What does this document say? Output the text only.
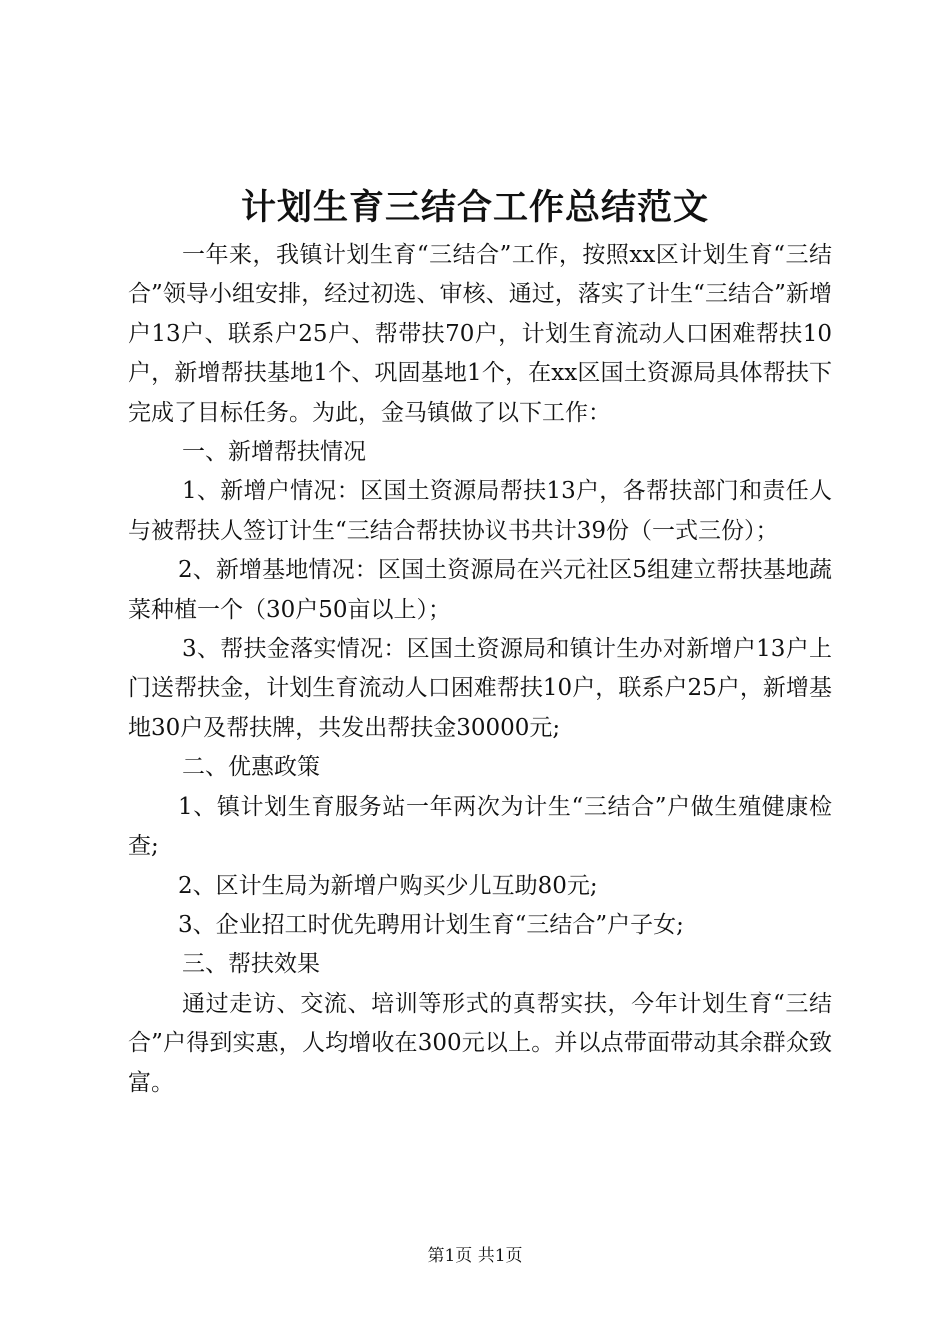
计划生育三结合工作总结范文

一年来，我镇计划生育“三结合”工作，按照xx区计划生育“三结合”领导小组安排，经过初选、审核、通过，落实了计生“三结合”新增户13户、联系户25户、帮带扶70户，计划生育流动人口困难帮扶10户，新增帮扶基地1个、巩固基地1个，在xx区国土资源局具体帮扶下完成了目标任务。为此，金马镇做了以下工作：

一、新增帮扶情况

1、新增户情况：区国土资源局帮扶13户，各帮扶部门和责任人与被帮扶人签订计生“三结合帮扶协议书共计39份（一式三份）；

2、新增基地情况：区国土资源局在兴元社区5组建立帮扶基地蔬菜种植一个（30户50亩以上）；

3、帮扶金落实情况：区国土资源局和镇计生办对新增户13户上门送帮扶金，计划生育流动人口困难帮扶10户，联系户25户，新增基地30户及帮扶牌，共发出帮扶金30000元;

二、优惠政策

1、镇计划生育服务站一年两次为计生“三结合”户做生殖健康检查;

2、区计生局为新增户购买少儿互助80元;

3、企业招工时优先聘用计划生育“三结合”户子女;

三、帮扶效果

通过走访、交流、培训等形式的真帮实扶，今年计划生育“三结合”户得到实惠，人均增收在300元以上。并以点带面带动其余群众致富。

第1页 共1页
